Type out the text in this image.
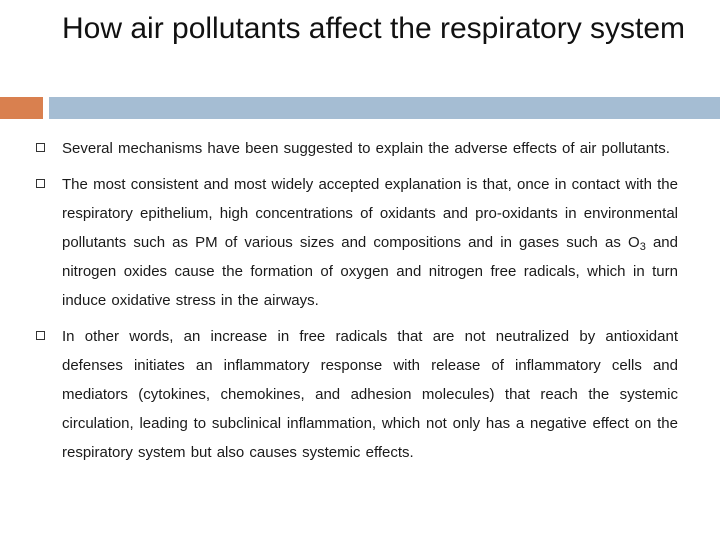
How air pollutants affect the respiratory system
Several mechanisms have been suggested to explain the adverse effects of air pollutants.
The most consistent and most widely accepted explanation is that, once in contact with the respiratory epithelium, high concentrations of oxidants and pro-oxidants in environmental pollutants such as PM of various sizes and compositions and in gases such as $O_3$ and nitrogen oxides cause the formation of oxygen and nitrogen free radicals, which in turn induce oxidative stress in the airways.
In other words, an increase in free radicals that are not neutralized by antioxidant defenses initiates an inflammatory response with release of inflammatory cells and mediators (cytokines, chemokines, and adhesion molecules) that reach the systemic circulation, leading to subclinical inflammation, which not only has a negative effect on the respiratory system but also causes systemic effects.
